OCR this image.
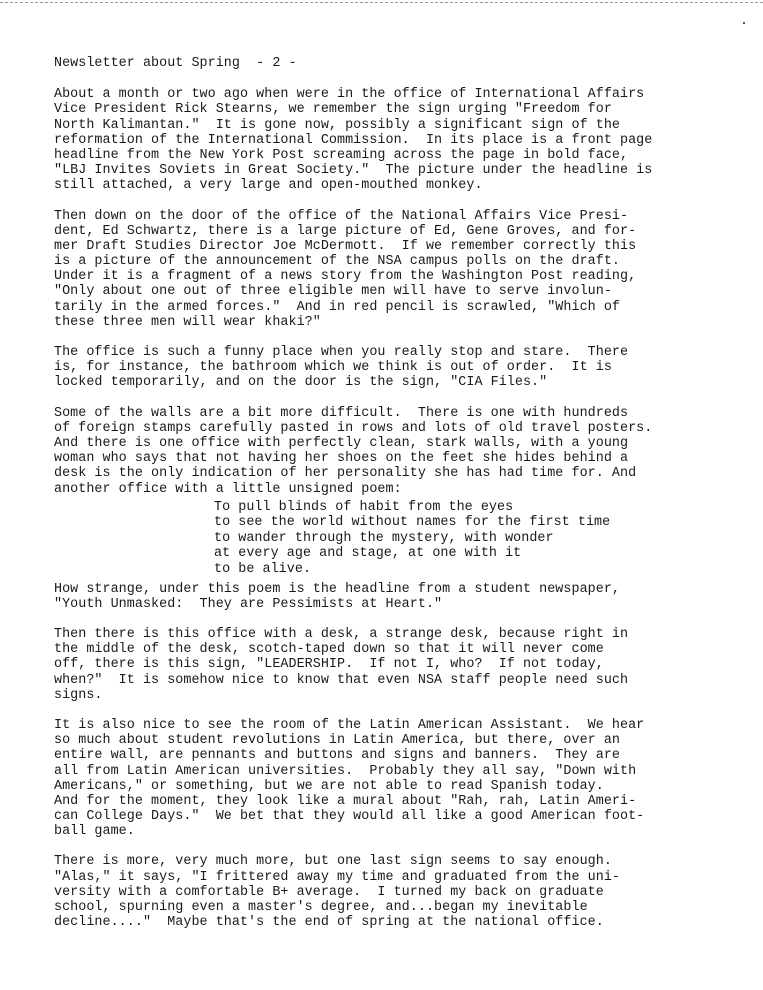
Newsletter about Spring  - 2 -
About a month or two ago when were in the office of International Affairs
Vice President Rick Stearns, we remember the sign urging "Freedom for
North Kalimantan."  It is gone now, possibly a significant sign of the
reformation of the International Commission.  In its place is a front page
headline from the New York Post screaming across the page in bold face,
"LBJ Invites Soviets in Great Society."  The picture under the headline is
still attached, a very large and open-mouthed monkey.
Then down on the door of the office of the National Affairs Vice Presi-
dent, Ed Schwartz, there is a large picture of Ed, Gene Groves, and for-
mer Draft Studies Director Joe McDermott.  If we remember correctly this
is a picture of the announcement of the NSA campus polls on the draft.
Under it is a fragment of a news story from the Washington Post reading,
"Only about one out of three eligible men will have to serve involun-
tarily in the armed forces."  And in red pencil is scrawled, "Which of
these three men will wear khaki?"
The office is such a funny place when you really stop and stare.  There
is, for instance, the bathroom which we think is out of order.  It is
locked temporarily, and on the door is the sign, "CIA Files."
Some of the walls are a bit more difficult.  There is one with hundreds
of foreign stamps carefully pasted in rows and lots of old travel posters.
And there is one office with perfectly clean, stark walls, with a young
woman who says that not having her shoes on the feet she hides behind a
desk is the only indication of her personality she has had time for. And
another office with a little unsigned poem:
To pull blinds of habit from the eyes
to see the world without names for the first time
to wander through the mystery, with wonder
at every age and stage, at one with it
to be alive.
How strange, under this poem is the headline from a student newspaper,
"Youth Unmasked:  They are Pessimists at Heart."
Then there is this office with a desk, a strange desk, because right in
the middle of the desk, scotch-taped down so that it will never come
off, there is this sign, "LEADERSHIP.  If not I, who?  If not today,
when?"  It is somehow nice to know that even NSA staff people need such
signs.
It is also nice to see the room of the Latin American Assistant.  We hear
so much about student revolutions in Latin America, but there, over an
entire wall, are pennants and buttons and signs and banners.  They are
all from Latin American universities.  Probably they all say, "Down with
Americans," or something, but we are not able to read Spanish today.
And for the moment, they look like a mural about "Rah, rah, Latin Ameri-
can College Days."  We bet that they would all like a good American foot-
ball game.
There is more, very much more, but one last sign seems to say enough.
"Alas," it says, "I frittered away my time and graduated from the uni-
versity with a comfortable B+ average.  I turned my back on graduate
school, spurning even a master's degree, and...began my inevitable
decline...."  Maybe that's the end of spring at the national office.
